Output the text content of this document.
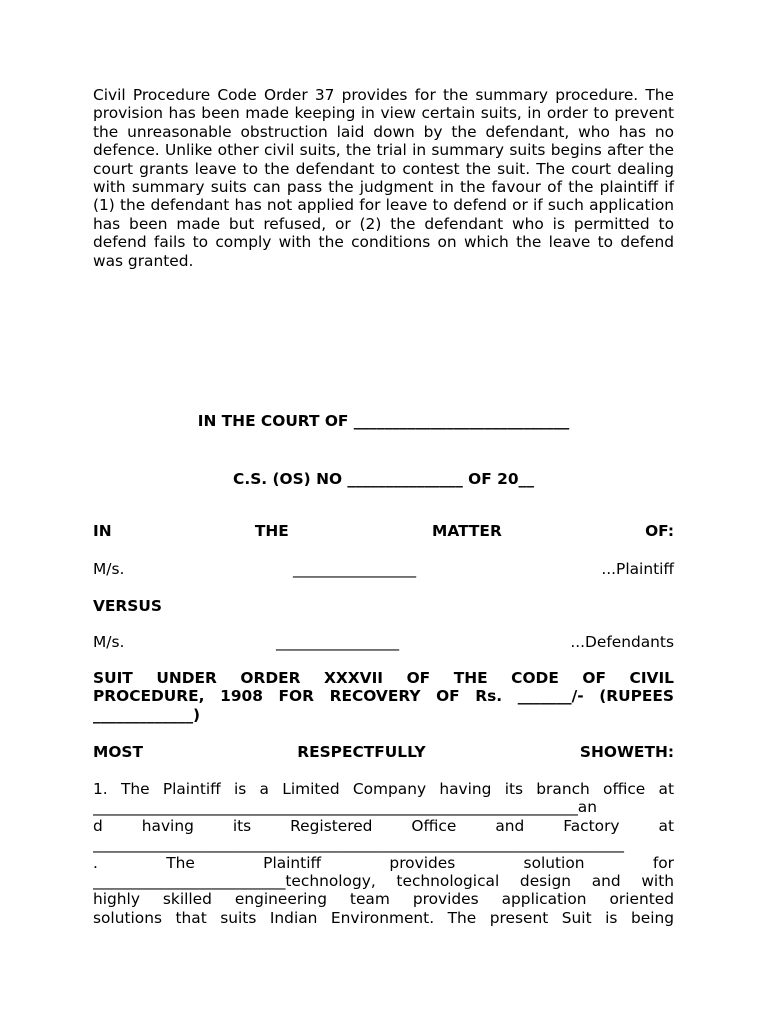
Civil Procedure Code Order 37 provides for the summary procedure. The provision has been made keeping in view certain suits, in order to prevent the unreasonable obstruction laid down by the defendant, who has no defence. Unlike other civil suits, the trial in summary suits begins after the court grants leave to the defendant to contest the suit. The court dealing with summary suits can pass the judgment in the favour of the plaintiff if (1) the defendant has not applied for leave to defend or if such application has been made but refused, or (2) the defendant who is permitted to defend fails to comply with the conditions on which the leave to defend was granted.

IN THE COURT OF ____________________________

C.S. (OS) NO _______________ OF 20__

IN	THE	MATTER	OF:
M/s.	________________	...Plaintiff

VERSUS

M/s.	________________	...Defendants
SUIT UNDER ORDER XXXVII OF THE CODE OF CIVIL
PROCEDURE, 1908 FOR RECOVERY OF Rs. _______/- (RUPEES
_____________)
MOST	RESPECTFULLY	SHOWETH:
1. The Plaintiff is a Limited Company having its branch office at
_______________________________________________________________an
d having its Registered Office and Factory at
_____________________________________________________________________
. The Plaintiff provides solution for
_________________________technology, technological design and with
highly skilled engineering team provides application oriented
solutions that suits Indian Environment. The present Suit is being
